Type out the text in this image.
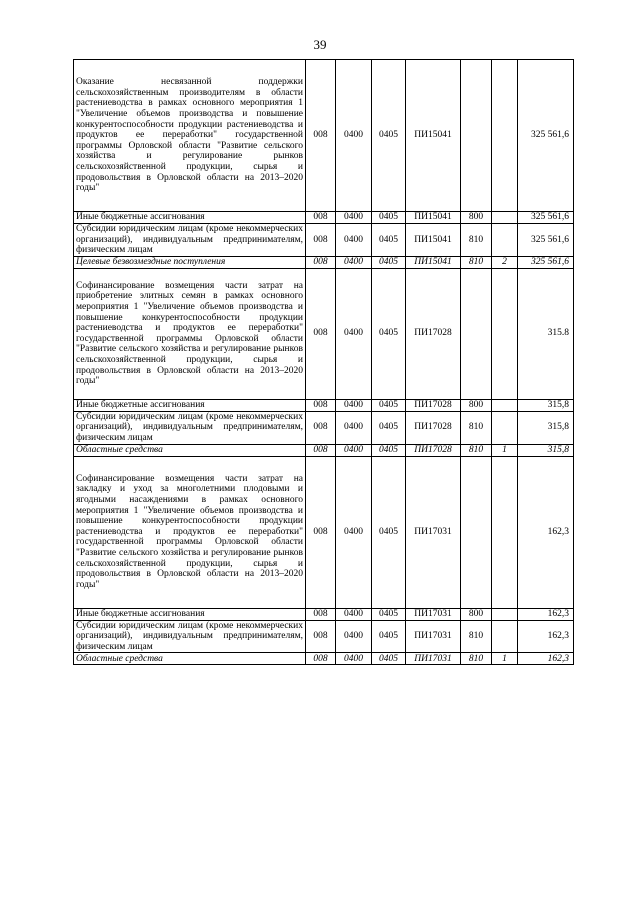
39
Оказание несвязанной поддержки сельскохозяйственным производителям в области растениеводства в рамках основного мероприятия 1 "Увеличение объемов производства и повышение конкурентоспособности продукции растениеводства и продуктов ее переработки" государственной программы Орловской области "Развитие сельского хозяйства и регулирование рынков сельскохозяйственной продукции, сырья и продовольствия в Орловской области на 2013–2020 годы"	008	0400	0405	ПИ15041			325 561,6
Иные бюджетные ассигнования	008	0400	0405	ПИ15041	800		325 561,6
Субсидии юридическим лицам (кроме некоммерческих организаций), индивидуальным предпринимателям, физическим лицам	008	0400	0405	ПИ15041	810		325 561,6
Целевые безвозмездные поступления	008	0400	0405	ПИ15041	810	2	325 561,6
Софинансирование возмещения части затрат на приобретение элитных семян в рамках основного мероприятия 1 "Увеличение объемов производства и повышение конкурентоспособности продукции растениеводства и продуктов ее переработки" государственной программы Орловской области "Развитие сельского хозяйства и регулирование рынков сельскохозяйственной продукции, сырья и продовольствия в Орловской области на 2013–2020 годы"	008	0400	0405	ПИ17028			315.8
Иные бюджетные ассигнования	008	0400	0405	ПИ17028	800		315,8
Субсидии юридическим лицам (кроме некоммерческих организаций), индивидуальным предпринимателям, физическим лицам	008	0400	0405	ПИ17028	810		315,8
Областные средства	008	0400	0405	ПИ17028	810	1	315,8
Софинансирование возмещения части затрат на закладку и уход за многолетними плодовыми и ягодными насаждениями в рамках основного мероприятия 1 "Увеличение объемов производства и повышение конкурентоспособности продукции растениеводства и продуктов ее переработки" государственной программы Орловской области "Развитие сельского хозяйства и регулирование рынков сельскохозяйственной продукции, сырья и продовольствия в Орловской области на 2013–2020 годы"	008	0400	0405	ПИ17031			162,3
Иные бюджетные ассигнования	008	0400	0405	ПИ17031	800		162,3
Субсидии юридическим лицам (кроме некоммерческих организаций), индивидуальным предпринимателям, физическим лицам	008	0400	0405	ПИ17031	810		162,3
Областные средства	008	0400	0405	ПИ17031	810	1	162,3
